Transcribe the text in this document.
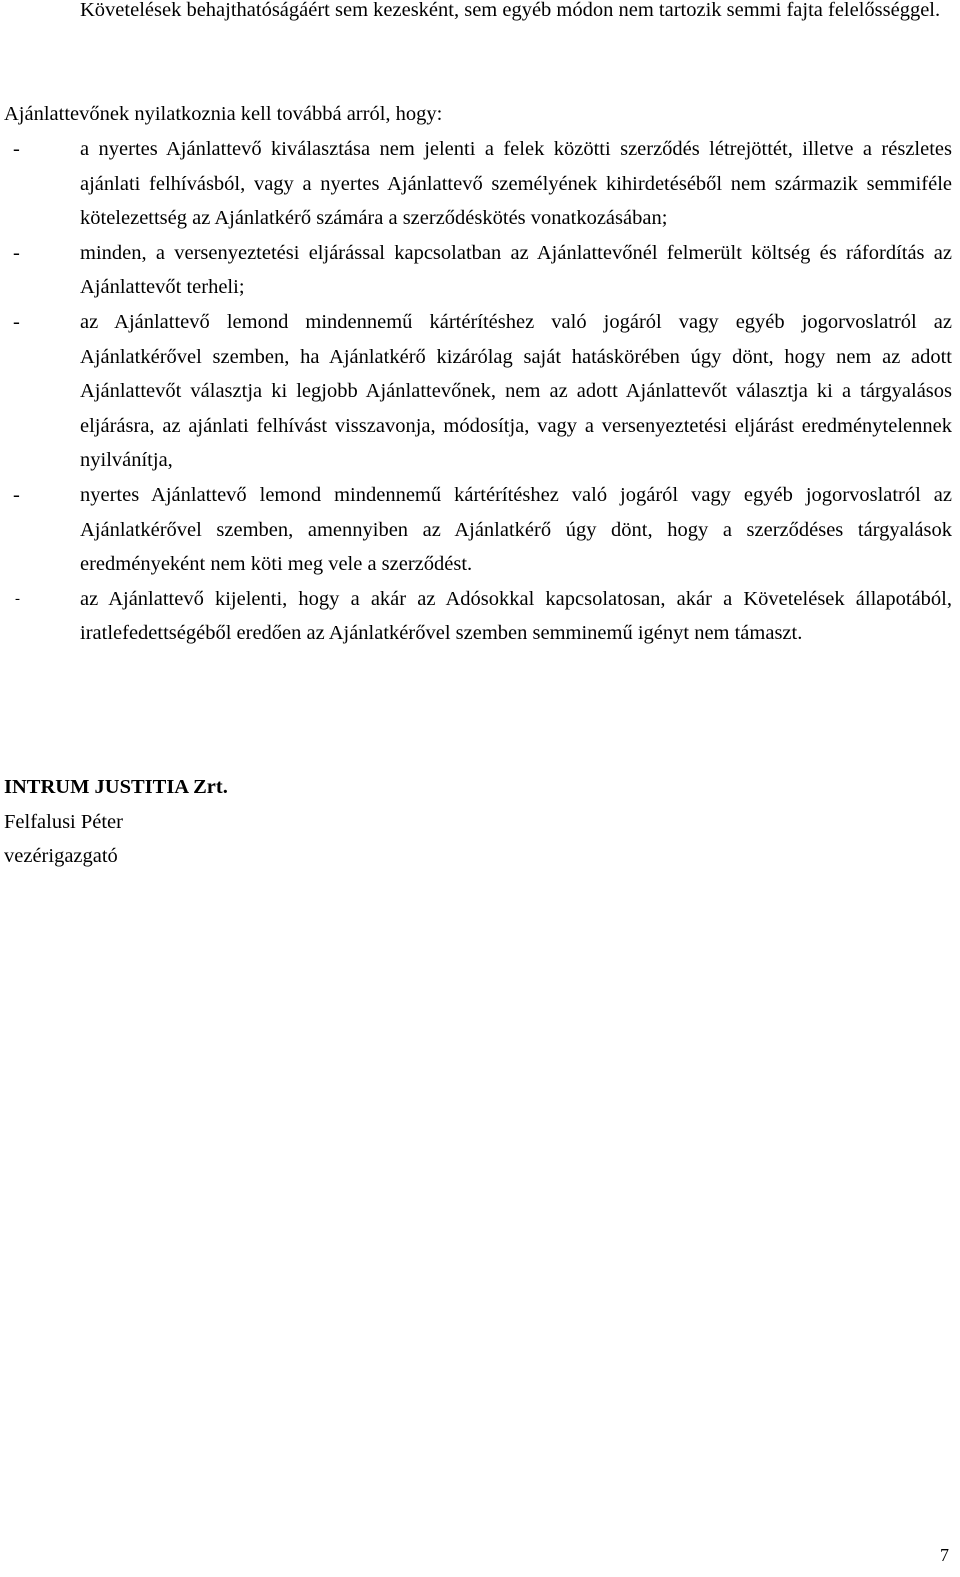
Követelések behajthatóságáért sem kezesként, sem egyéb módon nem tartozik semmi fajta felelősséggel.

Ajánlattevőnek nyilatkoznia kell továbbá arról, hogy:

-	a nyertes Ajánlattevő kiválasztása nem jelenti a felek közötti szerződés létrejöttét, illetve a részletes ajánlati felhívásból, vagy a nyertes Ajánlattevő személyének kihirdetéséből nem származik semmiféle kötelezettség az Ajánlatkérő számára a szerződéskötés vonatkozásában;
-	minden, a versenyeztetési eljárással kapcsolatban az Ajánlattevőnél felmerült költség és ráfordítás az Ajánlattevőt terheli;
-	az Ajánlattevő lemond mindennemű kártérítéshez való jogáról vagy egyéb jogorvoslatról az Ajánlatkérővel szemben, ha Ajánlatkérő kizárólag saját hatáskörében úgy dönt, hogy nem az adott Ajánlattevőt választja ki legjobb Ajánlattevőnek, nem az adott Ajánlattevőt választja ki a tárgyalásos eljárásra, az ajánlati felhívást visszavonja, módosítja, vagy a versenyeztetési eljárást eredménytelennek nyilvánítja,
-	nyertes Ajánlattevő lemond mindennemű kártérítéshez való jogáról vagy egyéb jogorvoslatról az Ajánlatkérővel szemben, amennyiben az Ajánlatkérő úgy dönt, hogy a szerződéses tárgyalások eredményeként nem köti meg vele a szerződést.
-	az Ajánlattevő kijelenti, hogy a akár az Adósokkal kapcsolatosan, akár a Követelések állapotából, iratlefedettségéből eredően az Ajánlatkérővel szemben semminemű igényt nem támaszt.
INTRUM JUSTITIA Zrt.
Felfalusi Péter
vezérigazgató
7
